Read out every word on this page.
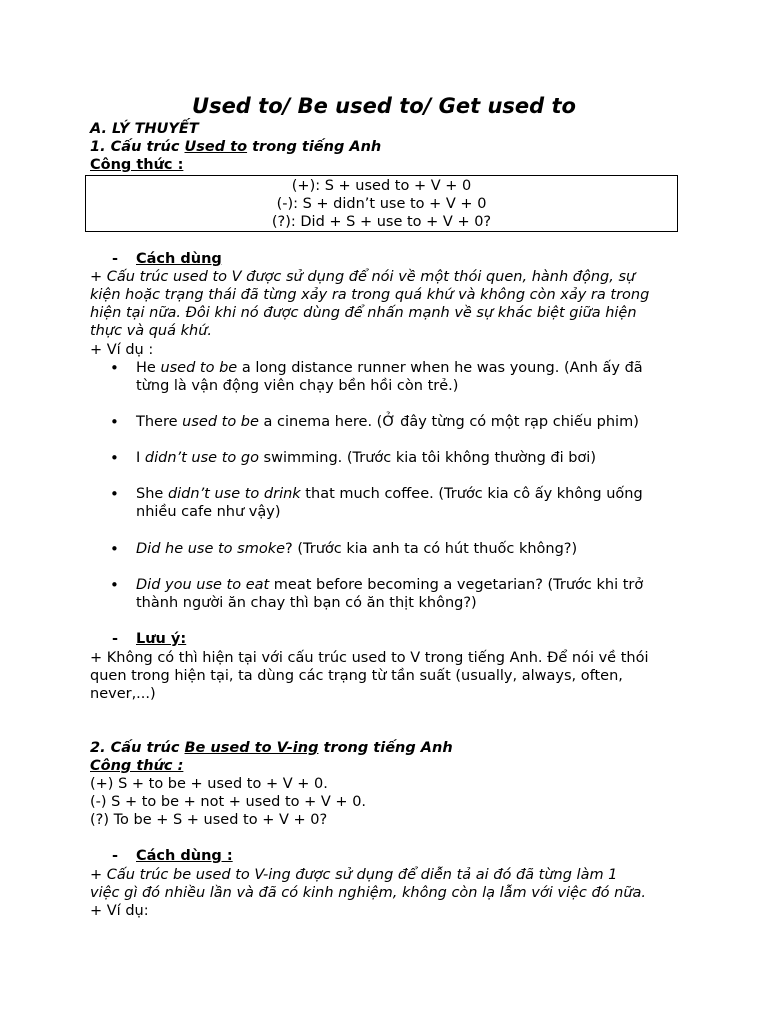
Used to/ Be used to/ Get used to
A. LÝ THUYẾT
1. Cấu trúc Used to trong tiếng Anh
Công thức :
(+): S + used to + V + 0
(-): S + didn’t use to + V + 0
(?): Did + S + use to + V + 0?
- Cách dùng
+ Cấu trúc used to V được sử dụng để nói về một thói quen, hành động, sự
kiện hoặc trạng thái đã từng xảy ra trong quá khứ và không còn xảy ra trong
hiện tại nữa. Đôi khi nó được dùng để nhấn mạnh về sự khác biệt giữa hiện
thực và quá khứ.
+ Ví dụ :
• He used to be a long distance runner when he was young. (Anh ấy đã
từng là vận động viên chạy bền hồi còn trẻ.)
• There used to be a cinema here. (Ở đây từng có một rạp chiếu phim)
• I didn’t use to go swimming. (Trước kia tôi không thường đi bơi)
• She didn’t use to drink that much coffee. (Trước kia cô ấy không uống
nhiều cafe như vậy)
• Did he use to smoke? (Trước kia anh ta có hút thuốc không?)
• Did you use to eat meat before becoming a vegetarian? (Trước khi trở
thành người ăn chay thì bạn có ăn thịt không?)
- Lưu ý:
+ Không có thì hiện tại với cấu trúc used to V trong tiếng Anh. Để nói về thói
quen trong hiện tại, ta dùng các trạng từ tần suất (usually, always, often,
never,...)
2. Cấu trúc Be used to V-ing trong tiếng Anh
Công thức :
(+) S + to be + used to + V + 0.
(-) S + to be + not + used to + V + 0.
(?) To be + S + used to + V + 0?
- Cách dùng :
+ Cấu trúc be used to V-ing được sử dụng để diễn tả ai đó đã từng làm 1
việc gì đó nhiều lần và đã có kinh nghiệm, không còn lạ lẫm với việc đó nữa.
+ Ví dụ:
